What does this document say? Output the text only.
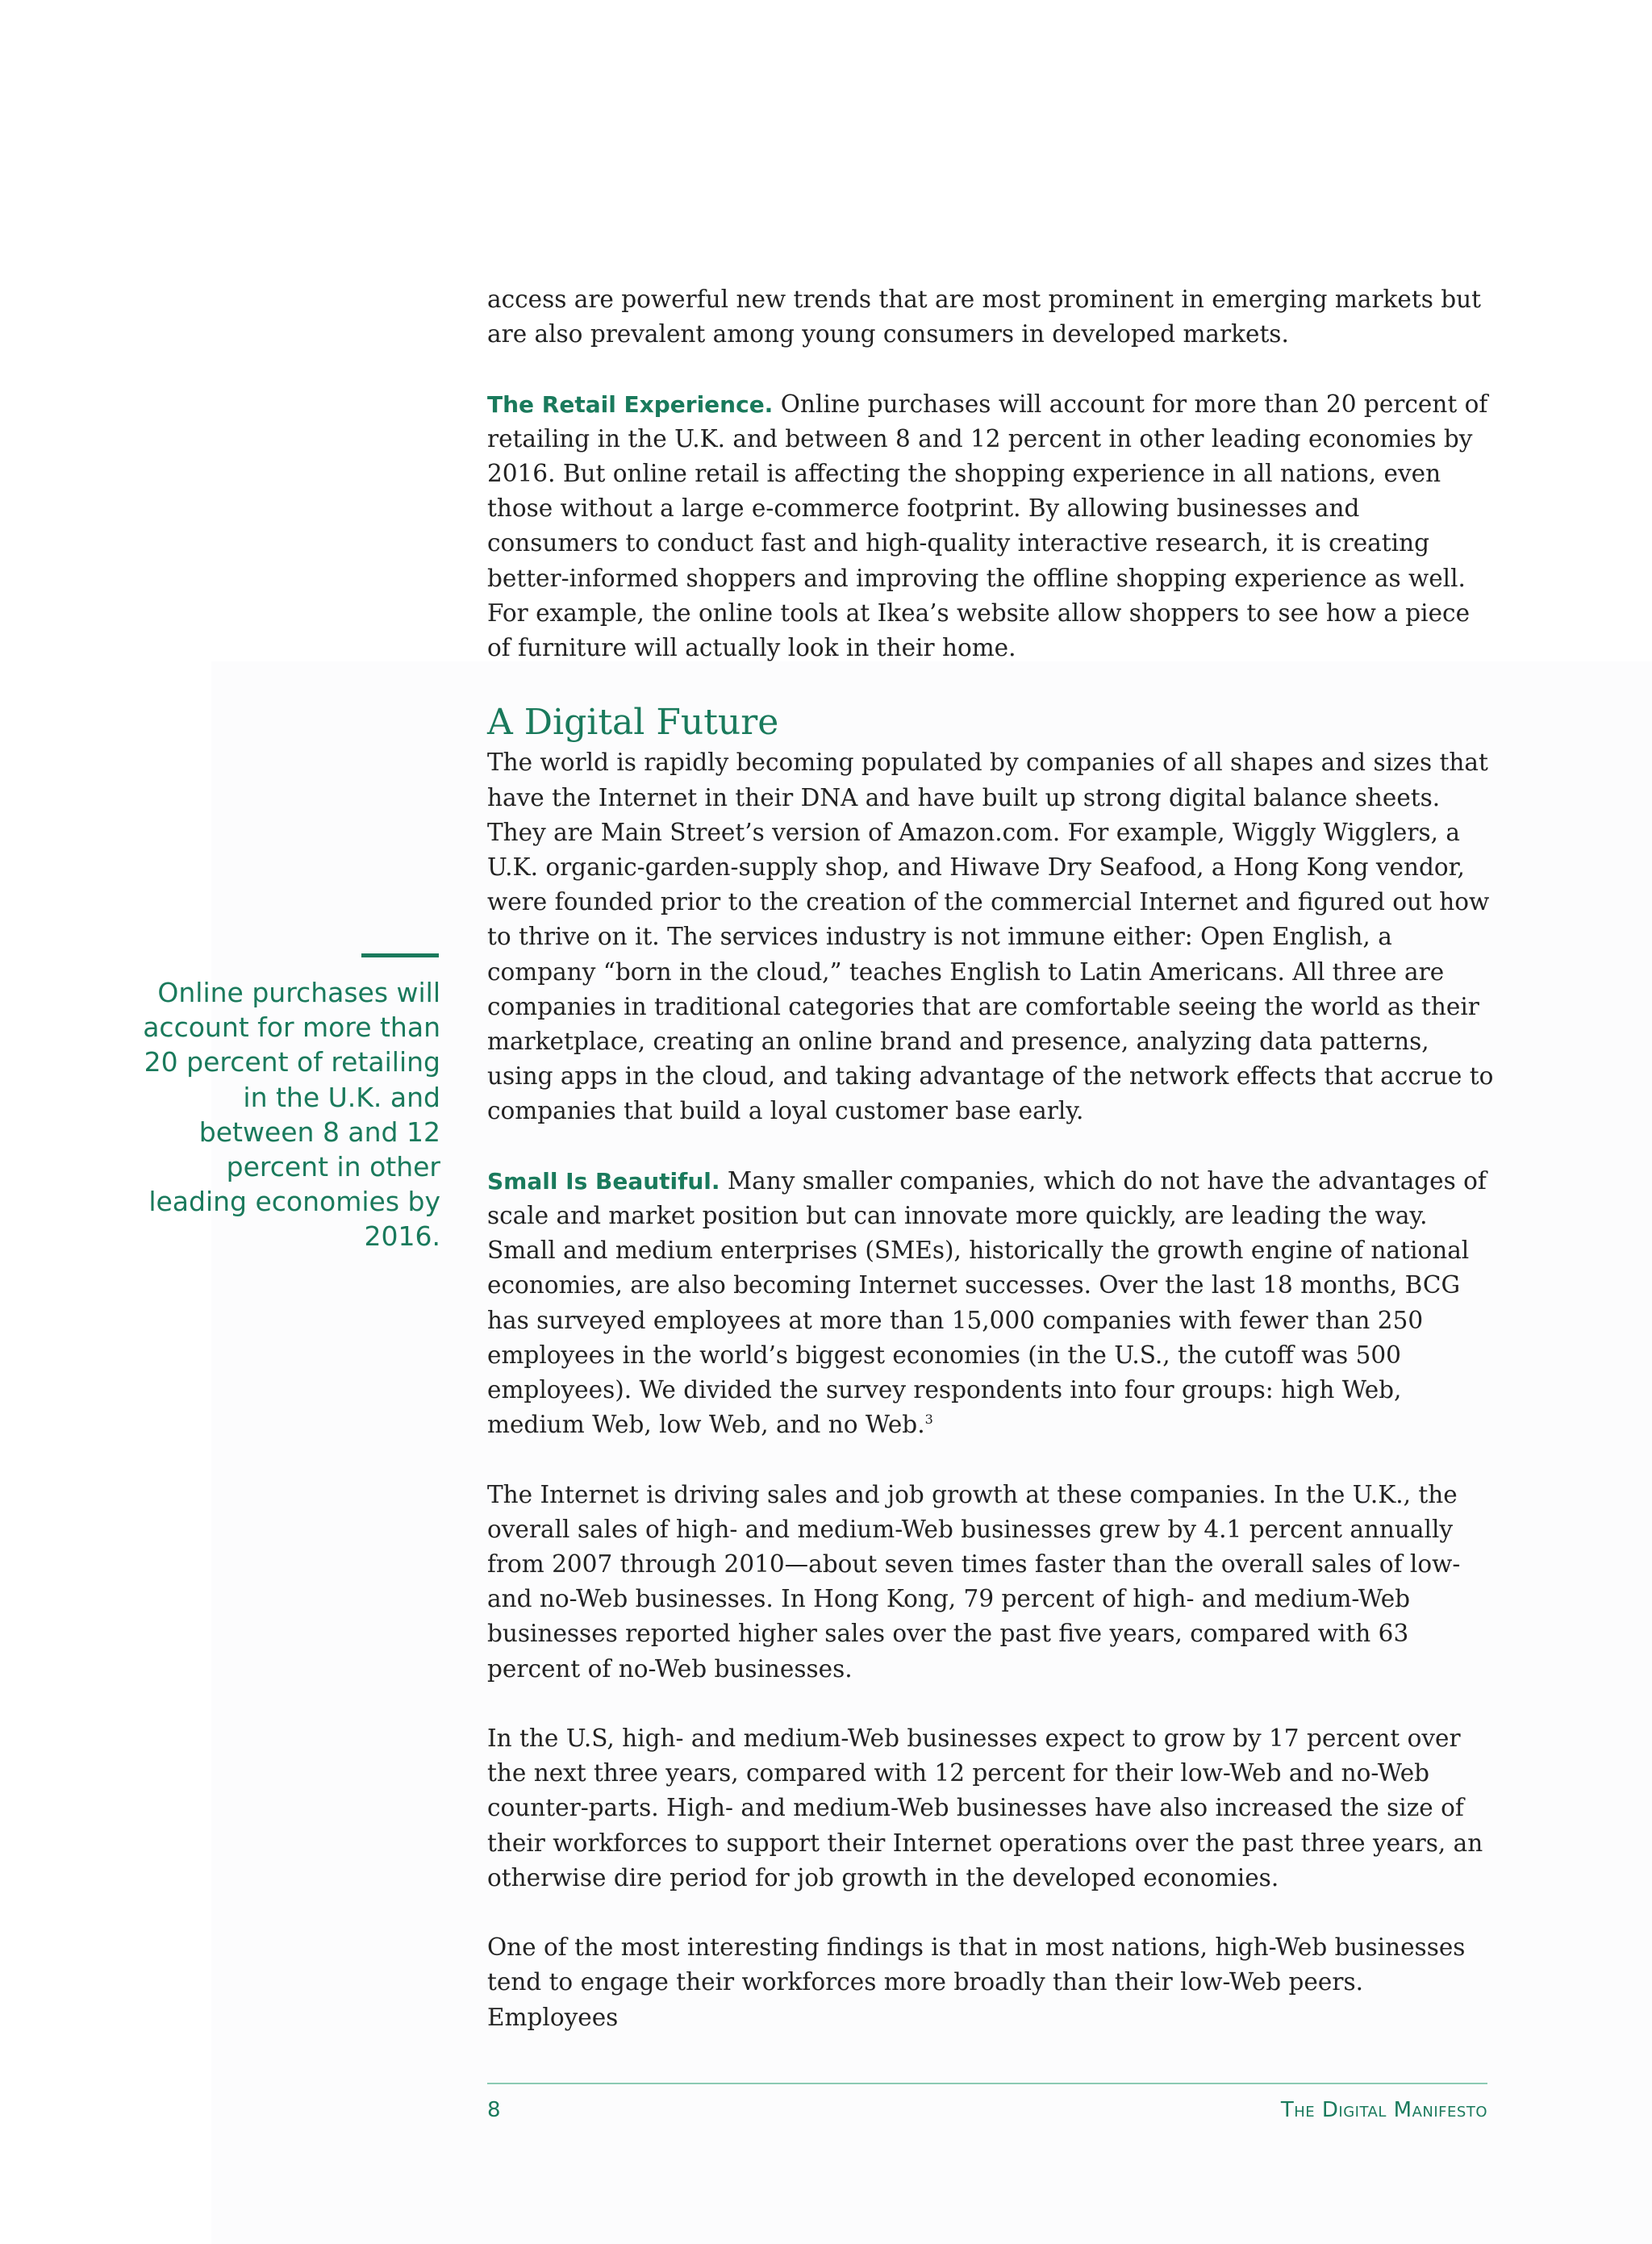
access are powerful new trends that are most prominent in emerging markets but are also prevalent among young consumers in developed markets.

The Retail Experience. Online purchases will account for more than 20 percent of retailing in the U.K. and between 8 and 12 percent in other leading economies by 2016. But online retail is affecting the shopping experience in all nations, even those without a large e-commerce footprint. By allowing businesses and consumers to conduct fast and high-quality interactive research, it is creating better-informed shoppers and improving the offline shopping experience as well. For example, the online tools at Ikea’s website allow shoppers to see how a piece of furniture will actually look in their home.

A Digital Future

The world is rapidly becoming populated by companies of all shapes and sizes that have the Internet in their DNA and have built up strong digital balance sheets. They are Main Street’s version of Amazon.com. For example, Wiggly Wigglers, a U.K. organic-garden-supply shop, and Hiwave Dry Seafood, a Hong Kong vendor, were founded prior to the creation of the commercial Internet and figured out how to thrive on it. The services industry is not immune either: Open English, a company “born in the cloud,” teaches English to Latin Americans. All three are companies in traditional categories that are comfortable seeing the world as their marketplace, creating an online brand and presence, analyzing data patterns, using apps in the cloud, and taking advantage of the network effects that accrue to companies that build a loyal customer base early.

Small Is Beautiful. Many smaller companies, which do not have the advantages of scale and market position but can innovate more quickly, are leading the way. Small and medium enterprises (SMEs), historically the growth engine of national economies, are also becoming Internet successes. Over the last 18 months, BCG has surveyed employees at more than 15,000 companies with fewer than 250 employees in the world’s biggest economies (in the U.S., the cutoff was 500 employees). We divided the survey respondents into four groups: high Web, medium Web, low Web, and no Web.$^3$

The Internet is driving sales and job growth at these companies. In the U.K., the overall sales of high- and medium-Web businesses grew by 4.1 percent annually from 2007 through 2010—about seven times faster than the overall sales of low- and no-Web businesses. In Hong Kong, 79 percent of high- and medium-Web businesses reported higher sales over the past five years, compared with 63 percent of no-Web businesses.

In the U.S, high- and medium-Web businesses expect to grow by 17 percent over the next three years, compared with 12 percent for their low-Web and no-Web counter-parts. High- and medium-Web businesses have also increased the size of their workforces to support their Internet operations over the past three years, an otherwise dire period for job growth in the developed economies.

One of the most interesting findings is that in most nations, high-Web businesses tend to engage their workforces more broadly than their low-Web peers. Employees

Online purchases will account for more than 20 percent of retailing in the U.K. and between 8 and 12 percent in other leading economies by 2016.
8	The Digital Manifesto
